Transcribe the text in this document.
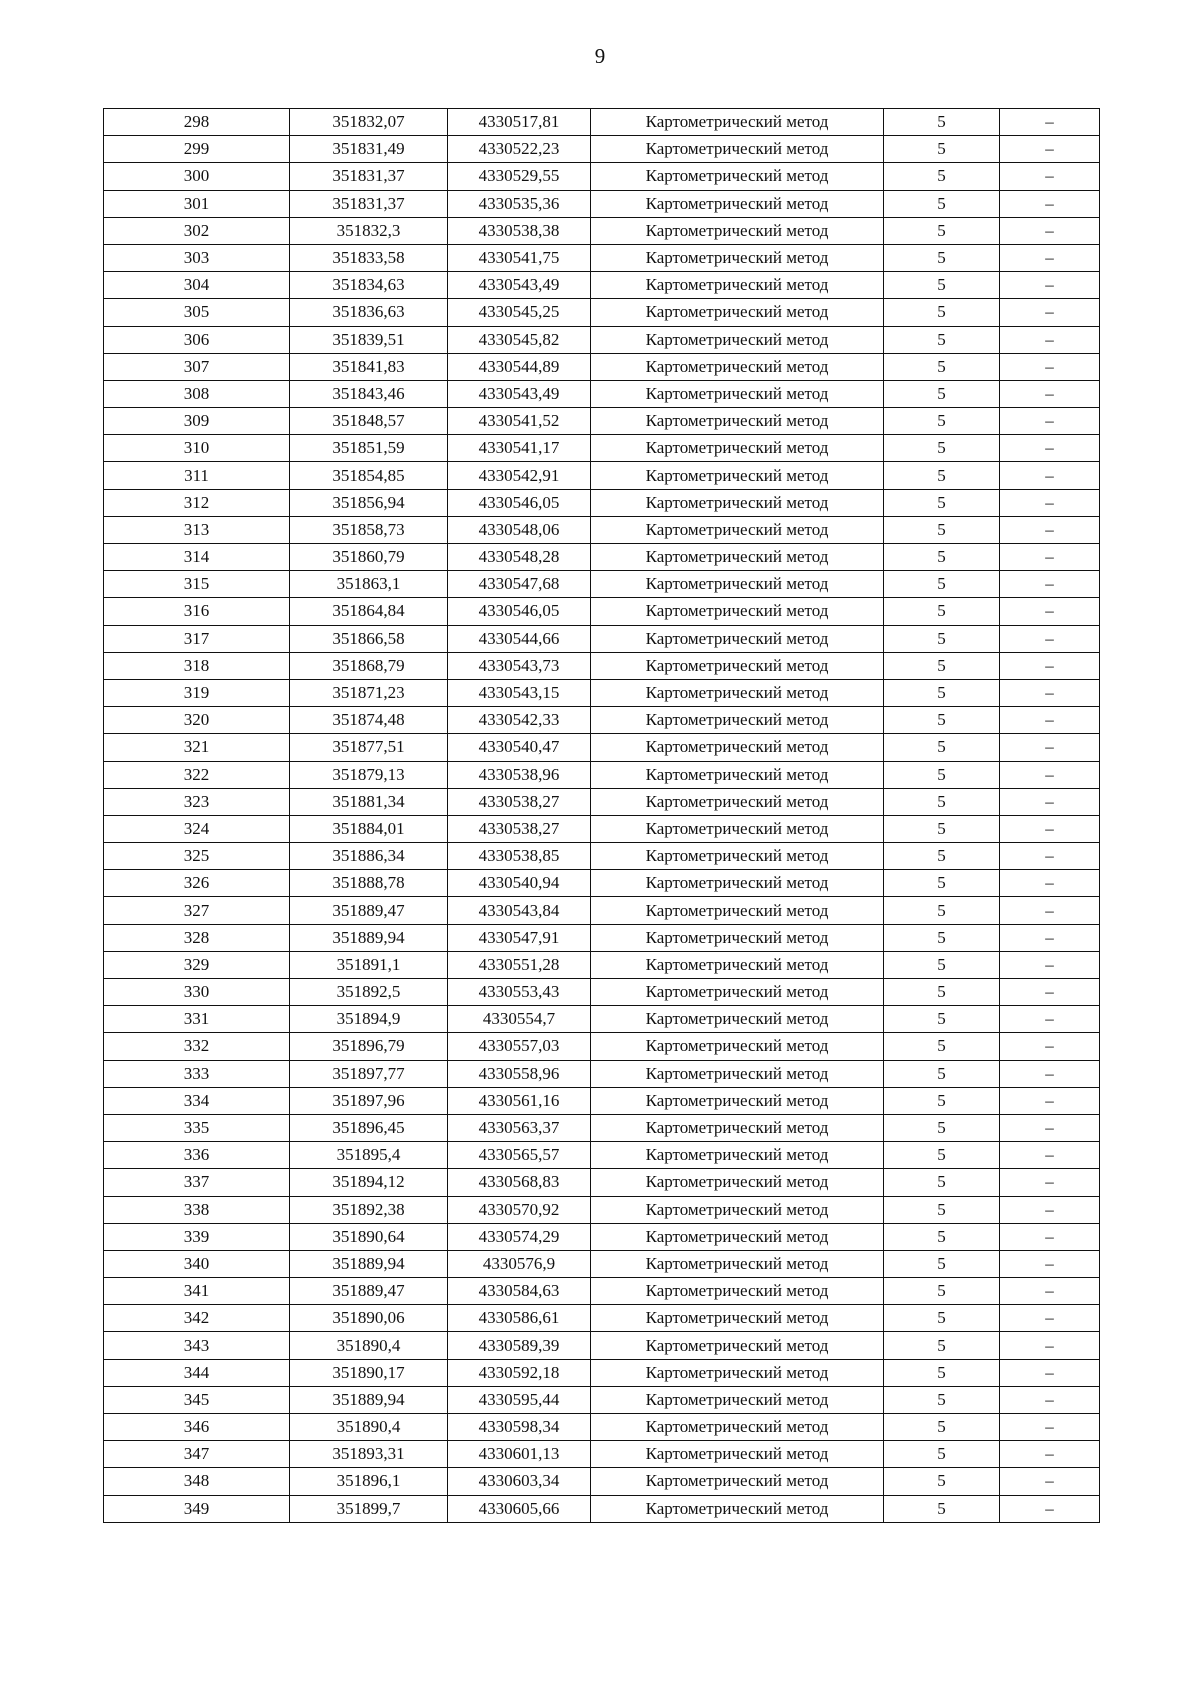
9
298	351832,07	4330517,81	Картометрический метод	5	–
299	351831,49	4330522,23	Картометрический метод	5	–
300	351831,37	4330529,55	Картометрический метод	5	–
301	351831,37	4330535,36	Картометрический метод	5	–
302	351832,3	4330538,38	Картометрический метод	5	–
303	351833,58	4330541,75	Картометрический метод	5	–
304	351834,63	4330543,49	Картометрический метод	5	–
305	351836,63	4330545,25	Картометрический метод	5	–
306	351839,51	4330545,82	Картометрический метод	5	–
307	351841,83	4330544,89	Картометрический метод	5	–
308	351843,46	4330543,49	Картометрический метод	5	–
309	351848,57	4330541,52	Картометрический метод	5	–
310	351851,59	4330541,17	Картометрический метод	5	–
311	351854,85	4330542,91	Картометрический метод	5	–
312	351856,94	4330546,05	Картометрический метод	5	–
313	351858,73	4330548,06	Картометрический метод	5	–
314	351860,79	4330548,28	Картометрический метод	5	–
315	351863,1	4330547,68	Картометрический метод	5	–
316	351864,84	4330546,05	Картометрический метод	5	–
317	351866,58	4330544,66	Картометрический метод	5	–
318	351868,79	4330543,73	Картометрический метод	5	–
319	351871,23	4330543,15	Картометрический метод	5	–
320	351874,48	4330542,33	Картометрический метод	5	–
321	351877,51	4330540,47	Картометрический метод	5	–
322	351879,13	4330538,96	Картометрический метод	5	–
323	351881,34	4330538,27	Картометрический метод	5	–
324	351884,01	4330538,27	Картометрический метод	5	–
325	351886,34	4330538,85	Картометрический метод	5	–
326	351888,78	4330540,94	Картометрический метод	5	–
327	351889,47	4330543,84	Картометрический метод	5	–
328	351889,94	4330547,91	Картометрический метод	5	–
329	351891,1	4330551,28	Картометрический метод	5	–
330	351892,5	4330553,43	Картометрический метод	5	–
331	351894,9	4330554,7	Картометрический метод	5	–
332	351896,79	4330557,03	Картометрический метод	5	–
333	351897,77	4330558,96	Картометрический метод	5	–
334	351897,96	4330561,16	Картометрический метод	5	–
335	351896,45	4330563,37	Картометрический метод	5	–
336	351895,4	4330565,57	Картометрический метод	5	–
337	351894,12	4330568,83	Картометрический метод	5	–
338	351892,38	4330570,92	Картометрический метод	5	–
339	351890,64	4330574,29	Картометрический метод	5	–
340	351889,94	4330576,9	Картометрический метод	5	–
341	351889,47	4330584,63	Картометрический метод	5	–
342	351890,06	4330586,61	Картометрический метод	5	–
343	351890,4	4330589,39	Картометрический метод	5	–
344	351890,17	4330592,18	Картометрический метод	5	–
345	351889,94	4330595,44	Картометрический метод	5	–
346	351890,4	4330598,34	Картометрический метод	5	–
347	351893,31	4330601,13	Картометрический метод	5	–
348	351896,1	4330603,34	Картометрический метод	5	–
349	351899,7	4330605,66	Картометрический метод	5	–
